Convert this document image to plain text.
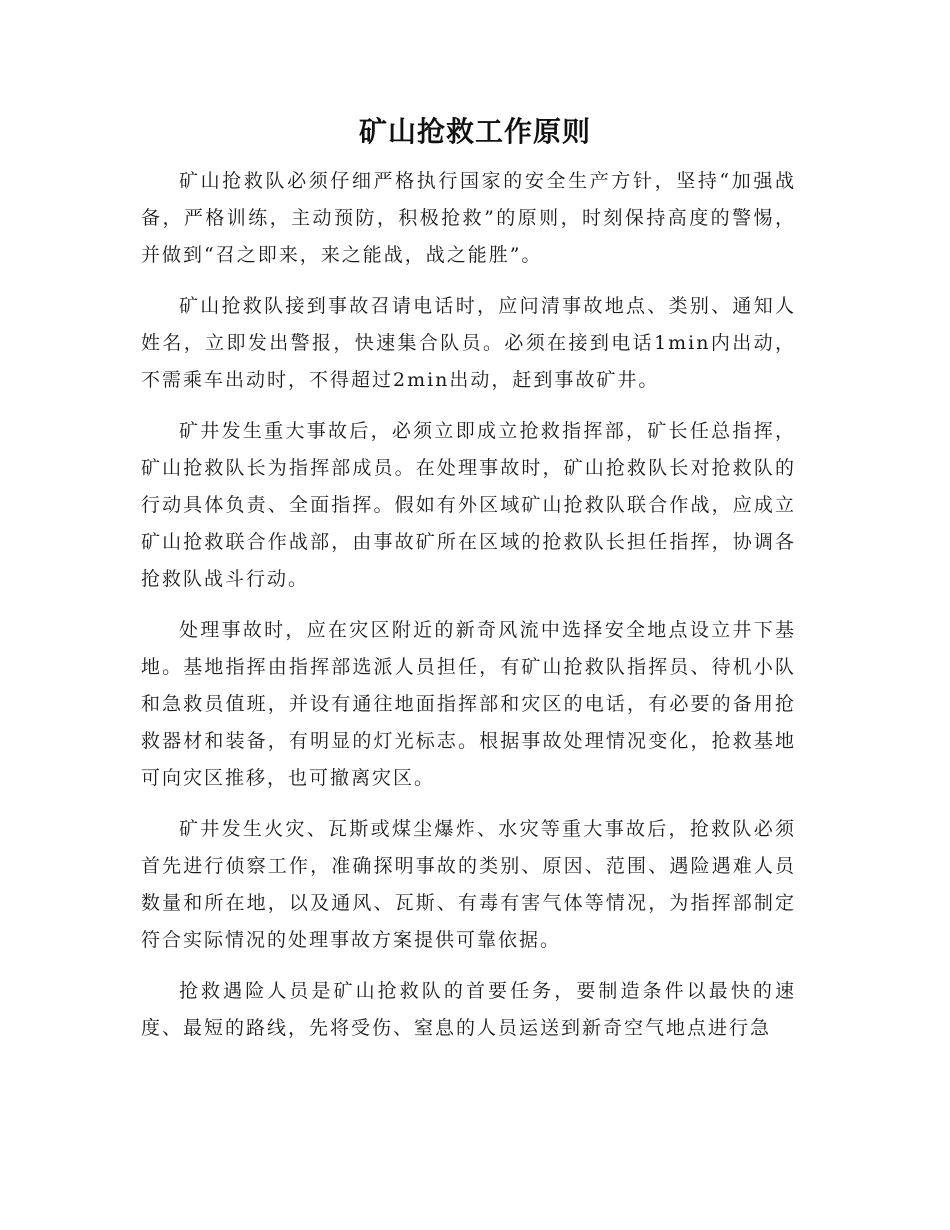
矿山抢救工作原则

矿山抢救队必须仔细严格执行国家的安全生产方针，坚持“加强战备，严格训练，主动预防，积极抢救”的原则，时刻保持高度的警惕，并做到“召之即来，来之能战，战之能胜”。

矿山抢救队接到事故召请电话时，应问清事故地点、类别、通知人姓名，立即发出警报，快速集合队员。必须在接到电话1min内出动，不需乘车出动时，不得超过2min出动，赶到事故矿井。

矿井发生重大事故后，必须立即成立抢救指挥部，矿长任总指挥，矿山抢救队长为指挥部成员。在处理事故时，矿山抢救队长对抢救队的行动具体负责、全面指挥。假如有外区域矿山抢救队联合作战，应成立矿山抢救联合作战部，由事故矿所在区域的抢救队长担任指挥，协调各抢救队战斗行动。

处理事故时，应在灾区附近的新奇风流中选择安全地点设立井下基地。基地指挥由指挥部选派人员担任，有矿山抢救队指挥员、待机小队和急救员值班，并设有通往地面指挥部和灾区的电话，有必要的备用抢救器材和装备，有明显的灯光标志。根据事故处理情况变化，抢救基地可向灾区推移，也可撤离灾区。

矿井发生火灾、瓦斯或煤尘爆炸、水灾等重大事故后，抢救队必须首先进行侦察工作，准确探明事故的类别、原因、范围、遇险遇难人员数量和所在地，以及通风、瓦斯、有毒有害气体等情况，为指挥部制定符合实际情况的处理事故方案提供可靠依据。

抢救遇险人员是矿山抢救队的首要任务，要制造条件以最快的速度、最短的路线，先将受伤、窒息的人员运送到新奇空气地点进行急
